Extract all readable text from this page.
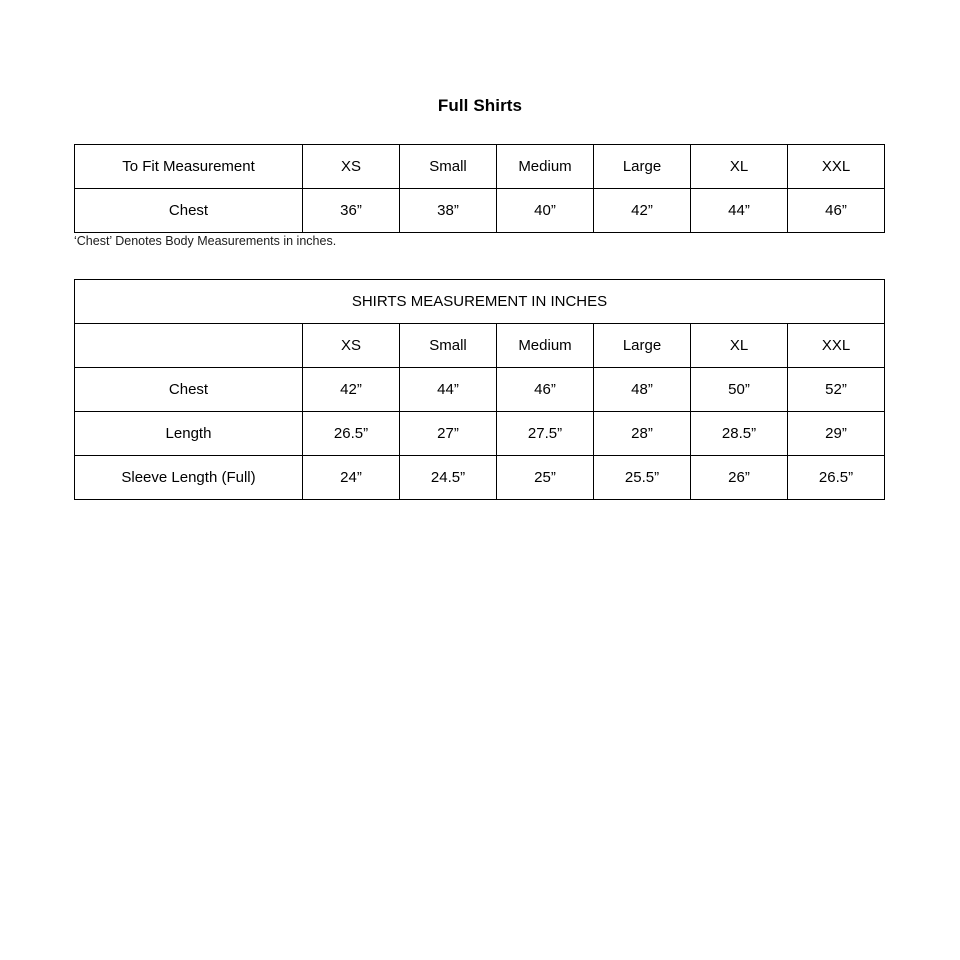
Full Shirts
To Fit Measurement	XS	Small	Medium	Large	XL	XXL
Chest	36”	38”	40”	42”	44”	46”
‘Chest’ Denotes Body Measurements in inches.
SHIRTS MEASUREMENT IN INCHES						
	XS	Small	Medium	Large	XL	XXL
Chest	42”	44”	46”	48”	50”	52”
Length	26.5”	27”	27.5”	28”	28.5”	29”
Sleeve Length (Full)	24”	24.5”	25”	25.5”	26”	26.5”
